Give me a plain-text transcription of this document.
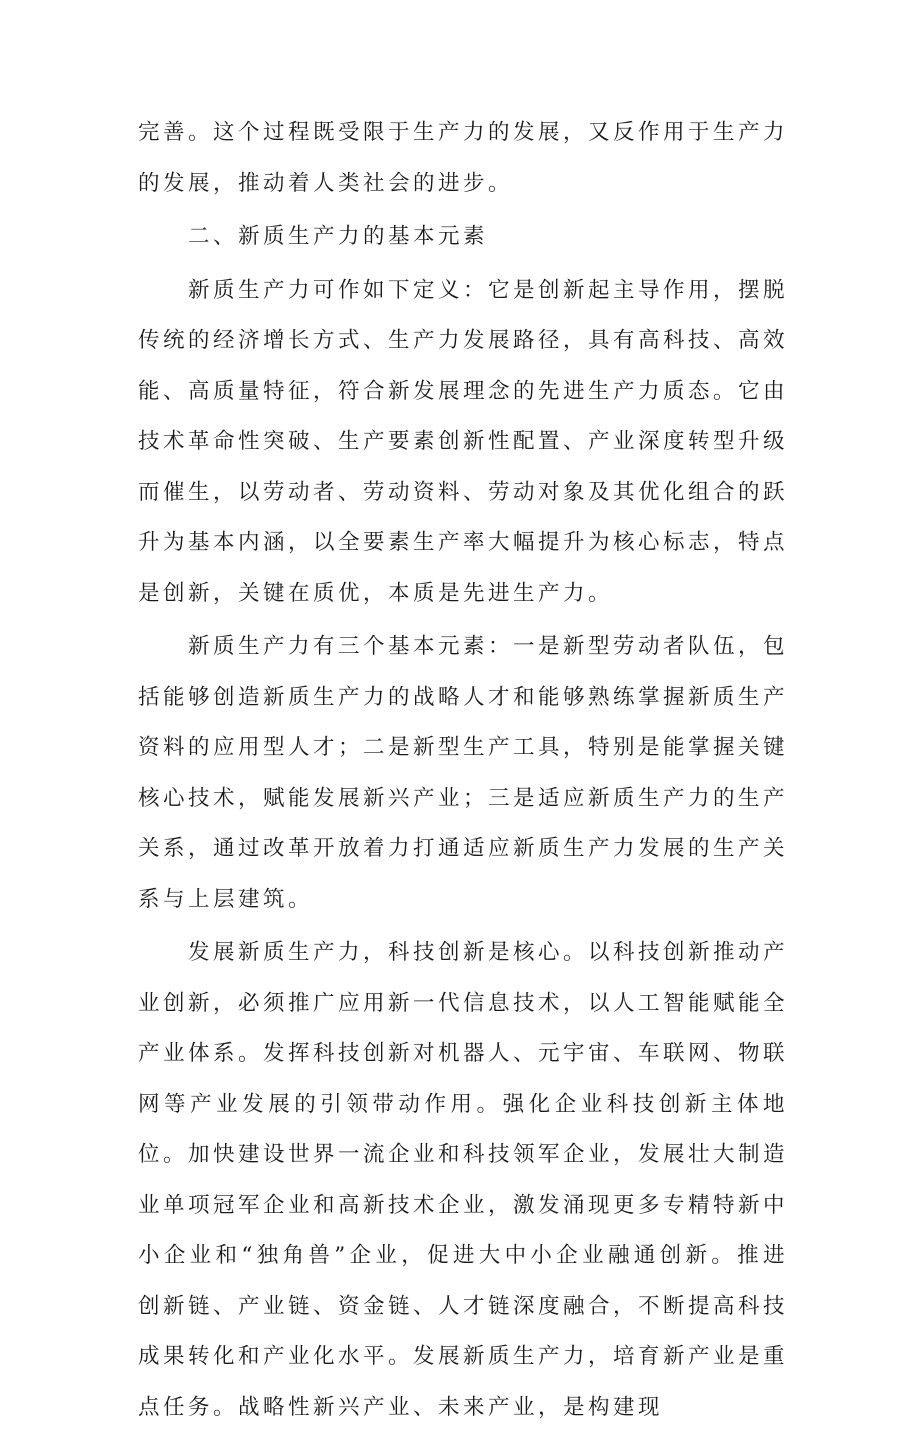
完善。这个过程既受限于生产力的发展，又反作用于生产力的发展，推动着人类社会的进步。

二、新质生产力的基本元素

新质生产力可作如下定义：它是创新起主导作用，摆脱传统的经济增长方式、生产力发展路径，具有高科技、高效能、高质量特征，符合新发展理念的先进生产力质态。它由技术革命性突破、生产要素创新性配置、产业深度转型升级而催生，以劳动者、劳动资料、劳动对象及其优化组合的跃升为基本内涵，以全要素生产率大幅提升为核心标志，特点是创新，关键在质优，本质是先进生产力。

新质生产力有三个基本元素：一是新型劳动者队伍，包括能够创造新质生产力的战略人才和能够熟练掌握新质生产资料的应用型人才；二是新型生产工具，特别是能掌握关键核心技术，赋能发展新兴产业；三是适应新质生产力的生产关系，通过改革开放着力打通适应新质生产力发展的生产关系与上层建筑。

发展新质生产力，科技创新是核心。以科技创新推动产业创新，必须推广应用新一代信息技术，以人工智能赋能全产业体系。发挥科技创新对机器人、元宇宙、车联网、物联网等产业发展的引领带动作用。强化企业科技创新主体地位。加快建设世界一流企业和科技领军企业，发展壮大制造业单项冠军企业和高新技术企业，激发涌现更多专精特新中小企业和“独角兽”企业，促进大中小企业融通创新。推进创新链、产业链、资金链、人才链深度融合，不断提高科技成果转化和产业化水平。发展新质生产力，培育新产业是重点任务。战略性新兴产业、未来产业，是构建现
